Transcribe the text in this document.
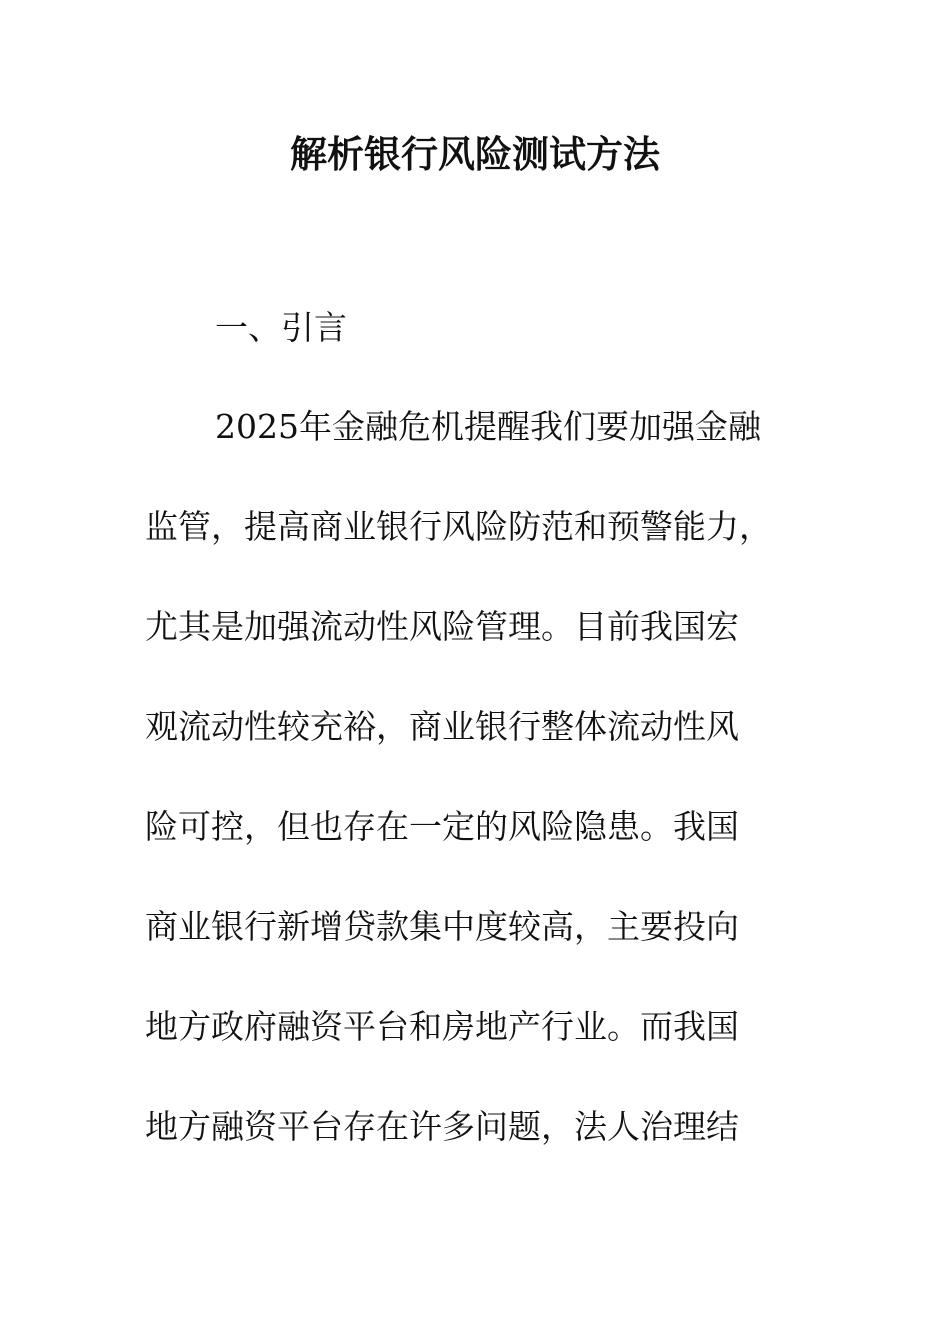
解析银行风险测试方法
一、引言
2025年金融危机提醒我们要加强金融
监管，提高商业银行风险防范和预警能力，
尤其是加强流动性风险管理。目前我国宏
观流动性较充裕，商业银行整体流动性风
险可控，但也存在一定的风险隐患。我国
商业银行新增贷款集中度较高，主要投向
地方政府融资平台和房地产行业。而我国
地方融资平台存在许多问题，法人治理结
